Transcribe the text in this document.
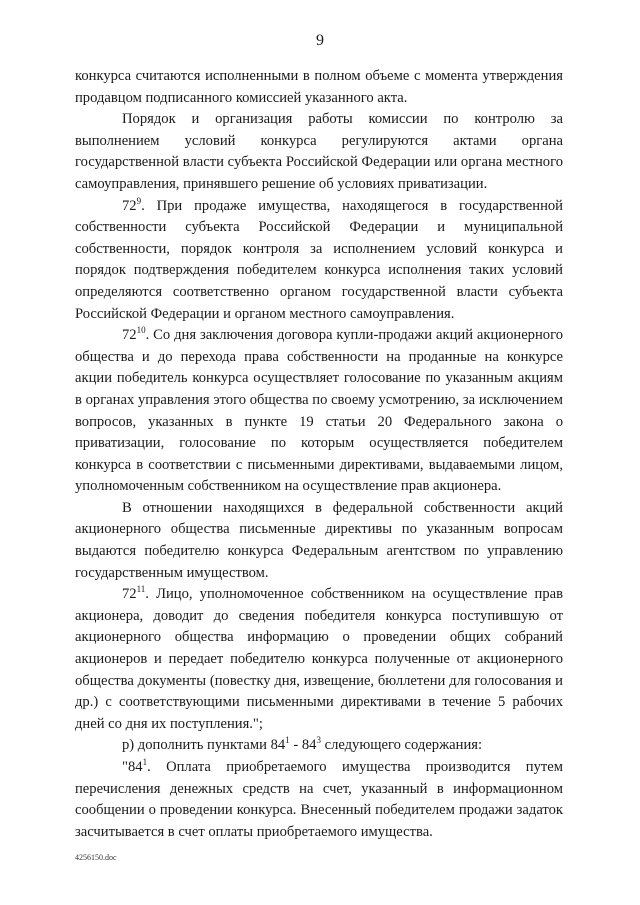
9

конкурса считаются исполненными в полном объеме с момента утверждения продавцом подписанного комиссией указанного акта.

Порядок и организация работы комиссии по контролю за выполнением условий конкурса регулируются актами органа государственной власти субъекта Российской Федерации или органа местного самоуправления, принявшего решение об условиях приватизации.

$72^9$. При продаже имущества, находящегося в государственной собственности субъекта Российской Федерации и муниципальной собственности, порядок контроля за исполнением условий конкурса и порядок подтверждения победителем конкурса исполнения таких условий определяются соответственно органом государственной власти субъекта Российской Федерации и органом местного самоуправления.

$72^{10}$. Со дня заключения договора купли-продажи акций акционерного общества и до перехода права собственности на проданные на конкурсе акции победитель конкурса осуществляет голосование по указанным акциям в органах управления этого общества по своему усмотрению, за исключением вопросов, указанных в пункте 19 статьи 20 Федерального закона о приватизации, голосование по которым осуществляется победителем конкурса в соответствии с письменными директивами, выдаваемыми лицом, уполномоченным собственником на осуществление прав акционера.

В отношении находящихся в федеральной собственности акций акционерного общества письменные директивы по указанным вопросам выдаются победителю конкурса Федеральным агентством по управлению государственным имуществом.

$72^{11}$. Лицо, уполномоченное собственником на осуществление прав акционера, доводит до сведения победителя конкурса поступившую от акционерного общества информацию о проведении общих собраний акционеров и передает победителю конкурса полученные от акционерного общества документы (повестку дня, извещение, бюллетени для голосования и др.) с соответствующими письменными директивами в течение 5 рабочих дней со дня их поступления.";

р) дополнить пунктами $84^1 - 84^3$ следующего содержания:

"$84^1$. Оплата приобретаемого имущества производится путем перечисления денежных средств на счет, указанный в информационном сообщении о проведении конкурса. Внесенный победителем продажи задаток засчитывается в счет оплаты приобретаемого имущества.

4256150.doc
